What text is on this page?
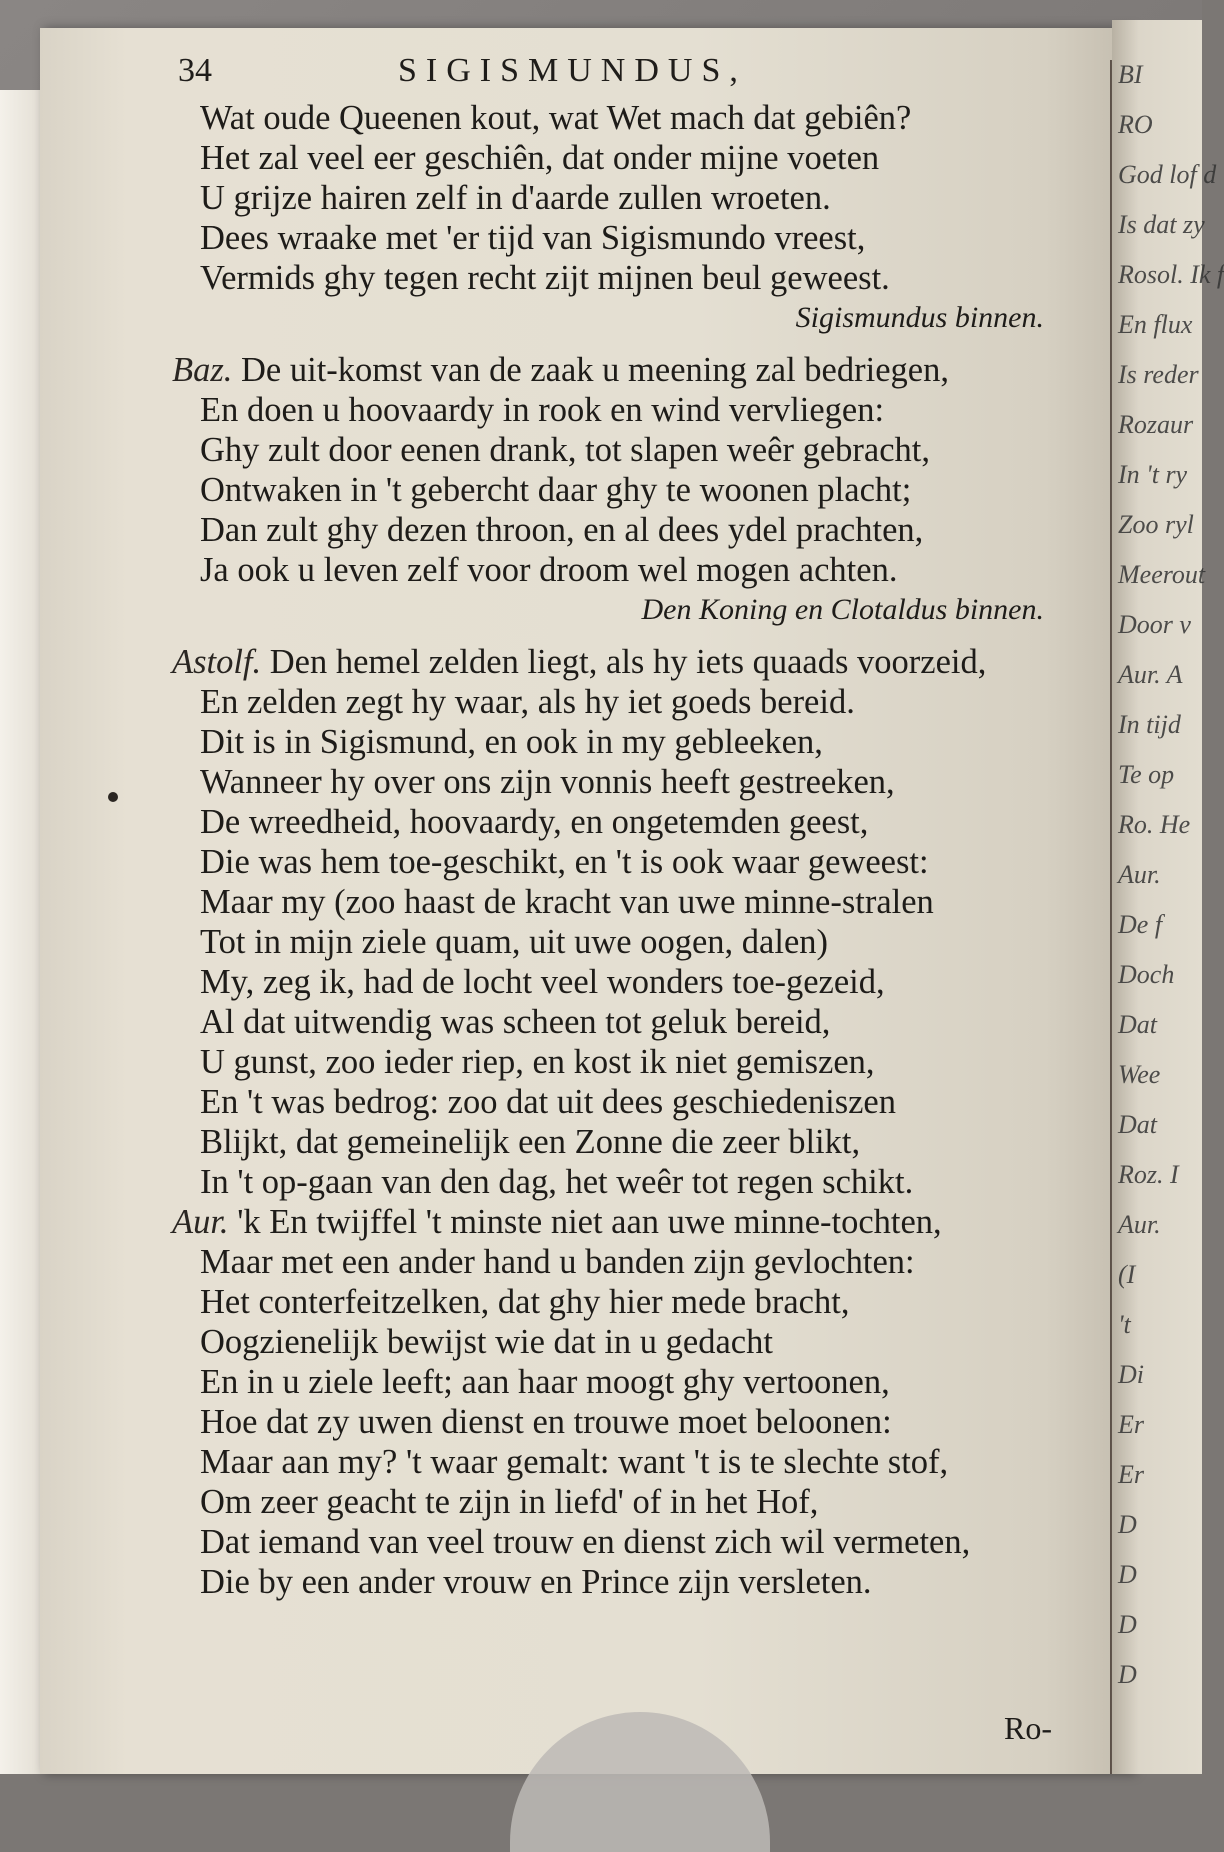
BI
RO
God lof d
Is dat zy
Rosol. Ik f
En flux
Is reder
Rozaur
In 't ry
Zoo ryl
Meerout
Door v
Aur. A
In tijd
Te op
Ro. He
Aur.
De f
Doch
Dat
Wee
Dat
Roz. I
Aur.
(I
't
Di
Er
Er
D
D
D
D
34	SIGISMUNDUS,
Wat oude Queenen kout, wat Wet mach dat gebiên?
Het zal veel eer geschiên, dat onder mijne voeten
U grijze hairen zelf in d'aarde zullen wroeten.
Dees wraake met 'er tijd van Sigismundo vreest,
Vermids ghy tegen recht zijt mijnen beul geweest.
Sigismundus binnen.
Baz. De uit-komst van de zaak u meening zal bedriegen,
En doen u hoovaardy in rook en wind vervliegen:
Ghy zult door eenen drank, tot slapen weêr gebracht,
Ontwaken in 't gebercht daar ghy te woonen placht;
Dan zult ghy dezen throon, en al dees ydel prachten,
Ja ook u leven zelf voor droom wel mogen achten.
Den Koning en Clotaldus binnen.
Astolf. Den hemel zelden liegt, als hy iets quaads voorzeid,
En zelden zegt hy waar, als hy iet goeds bereid.
Dit is in Sigismund, en ook in my gebleeken,
Wanneer hy over ons zijn vonnis heeft gestreeken,
De wreedheid, hoovaardy, en ongetemden geest,
Die was hem toe-geschikt, en 't is ook waar geweest:
Maar my (zoo haast de kracht van uwe minne-stralen
Tot in mijn ziele quam, uit uwe oogen, dalen)
My, zeg ik, had de locht veel wonders toe-gezeid,
Al dat uitwendig was scheen tot geluk bereid,
U gunst, zoo ieder riep, en kost ik niet gemiszen,
En 't was bedrog: zoo dat uit dees geschiedeniszen
Blijkt, dat gemeinelijk een Zonne die zeer blikt,
In 't op-gaan van den dag, het weêr tot regen schikt.
Aur. 'k En twijffel 't minste niet aan uwe minne-tochten,
Maar met een ander hand u banden zijn gevlochten:
Het conterfeitzelken, dat ghy hier mede bracht,
Oogzienelijk bewijst wie dat in u gedacht
En in u ziele leeft; aan haar moogt ghy vertoonen,
Hoe dat zy uwen dienst en trouwe moet beloonen:
Maar aan my? 't waar gemalt: want 't is te slechte stof,
Om zeer geacht te zijn in liefd' of in het Hof,
Dat iemand van veel trouw en dienst zich wil vermeten,
Die by een ander vrouw en Prince zijn versleten.
Ro-
